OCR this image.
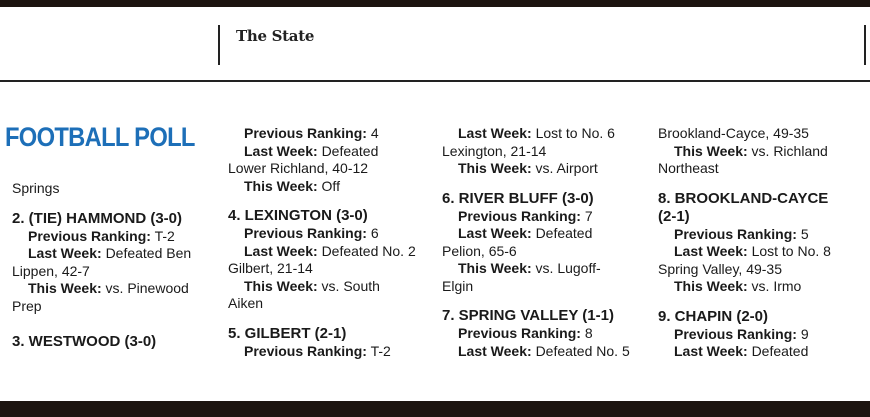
The State
FOOTBALL POLL

Springs

2. (TIE) HAMMOND (3-0)

Previous Ranking: T-2

Last Week: Defeated Ben

Lippen, 42-7

This Week: vs. Pinewood

Prep

3. WESTWOOD (3-0)

Previous Ranking: 4

Last Week: Defeated

Lower Richland, 40-12

This Week: Off

4. LEXINGTON (3-0)

Previous Ranking: 6

Last Week: Defeated No. 2

Gilbert, 21-14

This Week: vs. South

Aiken

5. GILBERT (2-1)

Previous Ranking: T-2

Last Week: Lost to No. 6

Lexington, 21-14

This Week: vs. Airport

6. RIVER BLUFF (3-0)

Previous Ranking: 7

Last Week: Defeated

Pelion, 65-6

This Week: vs. Lugoff-

Elgin

7. SPRING VALLEY (1-1)

Previous Ranking: 8

Last Week: Defeated No. 5

Brookland-Cayce, 49-35

This Week: vs. Richland

Northeast

8. BROOKLAND-CAYCE

(2-1)

Previous Ranking: 5

Last Week: Lost to No. 8

Spring Valley, 49-35

This Week: vs. Irmo

9. CHAPIN (2-0)

Previous Ranking: 9

Last Week: Defeated
